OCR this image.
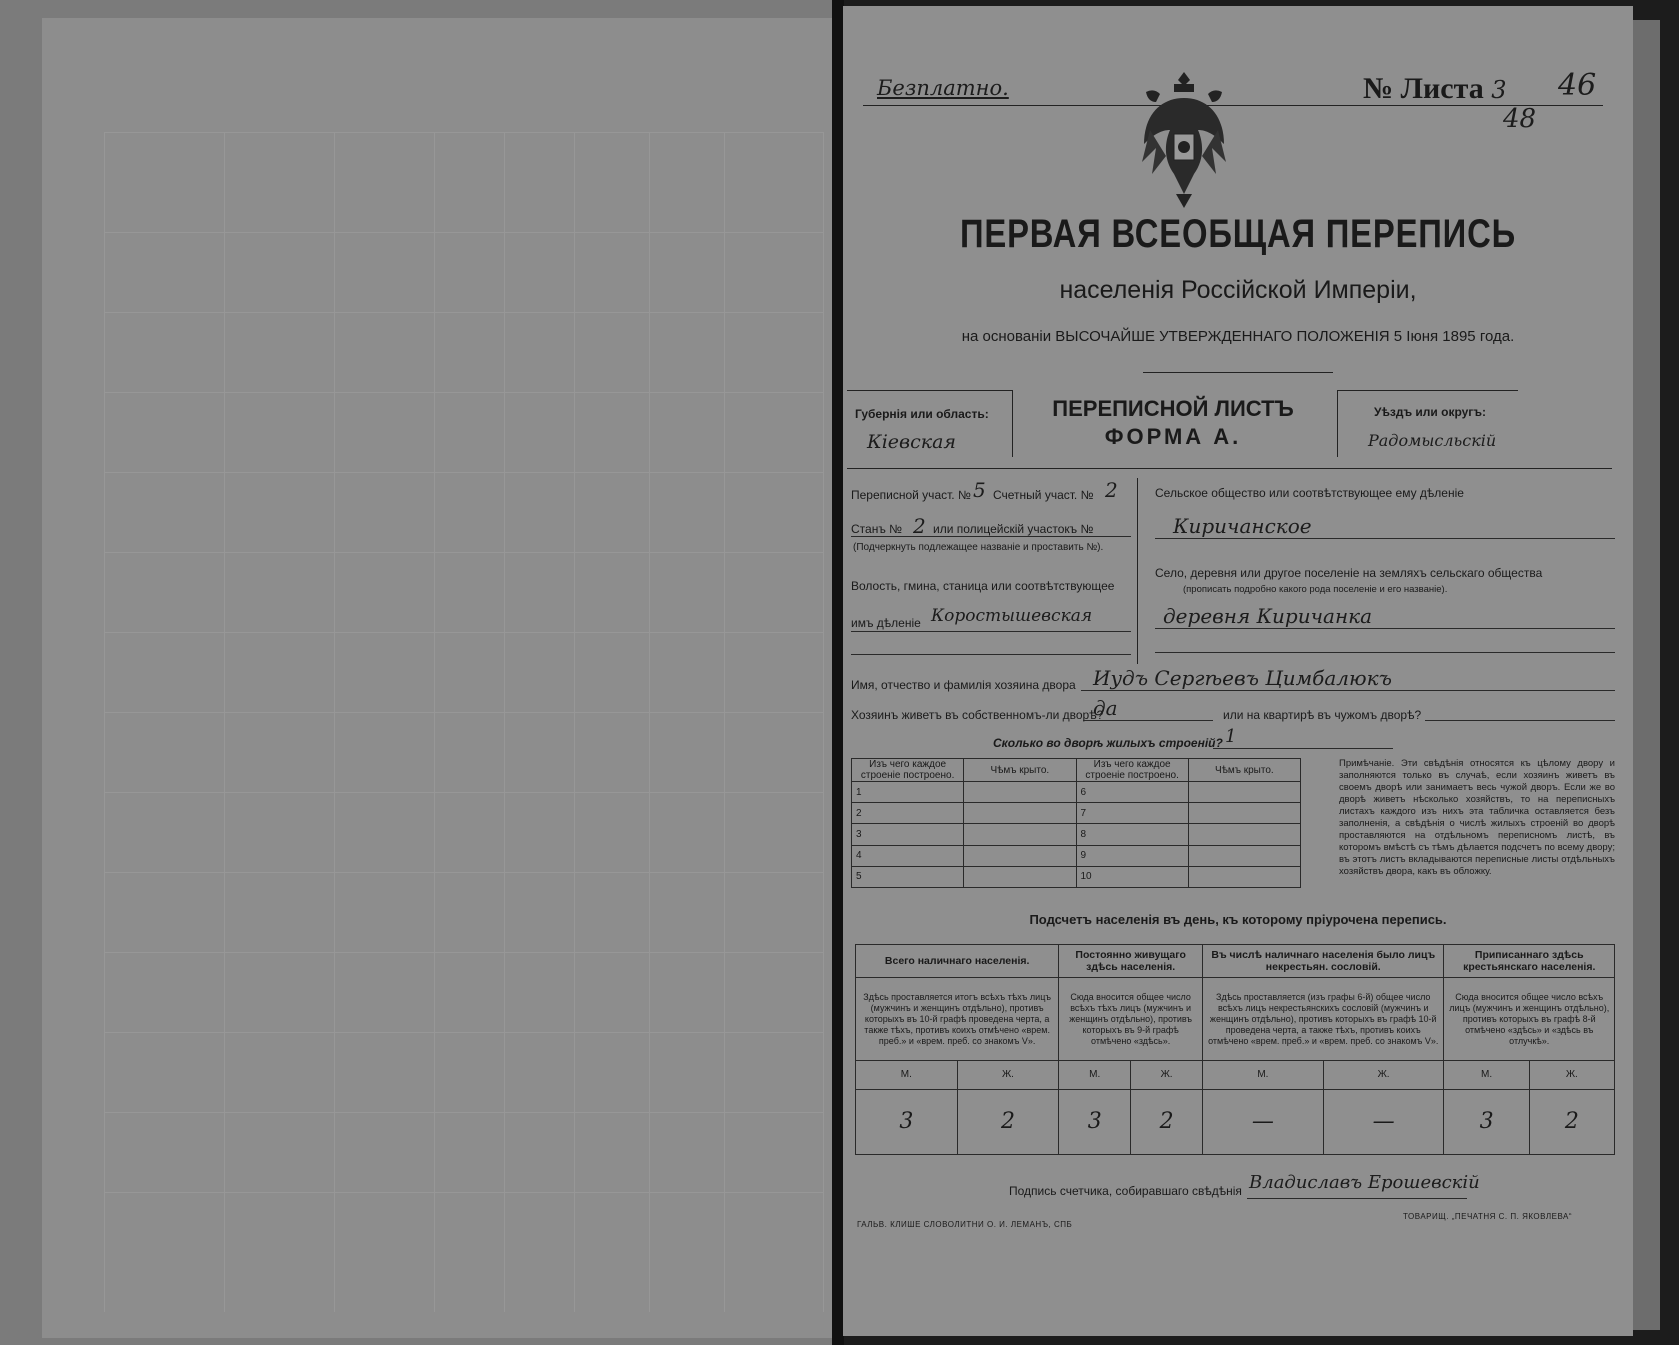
Безплатно.	№ Листа 3 46
48
ПЕРВАЯ ВСЕОБЩАЯ ПЕРЕПИСЬ
населенія Россійской Имперіи,
на основаніи ВЫСОЧАЙШЕ УТВЕРЖДЕННАГО ПОЛОЖЕНІЯ 5 Іюня 1895 года.
Губернія или область:
Кіевская
ПЕРЕПИСНОЙ ЛИСТЪ
ФОРМА А.
Уѣздъ или округъ:
Радомысльскій
Переписной участ. № 5 Счетный участ. № 2
Станъ № 2 или полицейскій участокъ №
(Подчеркнуть подлежащее названіе и проставить №).
Волость, гмина, станица или соотвѣтствующее
имъ дѣленіе Коростышевская
Сельское общество или соотвѣтствующее ему дѣленіе
Киричанское
Село, деревня или другое поселеніе на земляхъ сельскаго общества
(прописать подробно какого рода поселеніе и его названіе).
деревня Киричанка
Имя, отчество и фамилія хозяина двора Иудъ Сергѣевъ Цимбалюкъ
Хозяинъ живетъ въ собственномъ-ли дворѣ?
да	или на квартирѣ въ чужомъ дворѣ?
Сколько во дворѣ жилыхъ строеній? 1
Изъ чего каждое строеніе построено.	Чѣмъ крыто.	Изъ чего каждое строеніе построено.	Чѣмъ крыто.
1		6	
2		7	
3		8	
4		9	
5		10	
Примѣчаніе. Эти свѣдѣнія относятся къ цѣлому двору и заполняются только въ случаѣ, если хозяинъ живетъ въ своемъ дворѣ или занимаетъ весь чужой дворъ. Если же во дворѣ живетъ нѣсколько хозяйствъ, то на переписныхъ листахъ каждого изъ нихъ эта табличка оставляется безъ заполненія, а свѣдѣнія о числѣ жилыхъ строеній во дворѣ проставляются на отдѣльномъ переписномъ листѣ, въ которомъ вмѣстѣ съ тѣмъ дѣлается подсчетъ по всему двору; въ этотъ листъ вкладываются переписные листы отдѣльныхъ хозяйствъ двора, какъ въ обложку.
Подсчетъ населенія въ день, къ которому пріурочена перепись.
Всего наличнаго населенія.		Постоянно живущаго здѣсь населенія.		Въ числѣ наличнаго населенія было лицъ некрестьян. сословій.		Приписаннаго здѣсь крестьянскаго населенія.	
Здѣсь проставляется итогъ всѣхъ тѣхъ лицъ (мужчинъ и женщинъ отдѣльно), противъ которыхъ въ 10-й графѣ проведена черта, а также тѣхъ, противъ коихъ отмѣчено «врем. преб.» и «врем. преб. со знакомъ V».		Сюда вносится общее число всѣхъ тѣхъ лицъ (мужчинъ и женщинъ отдѣльно), противъ которыхъ въ 9-й графѣ отмѣчено «здѣсь».		Здѣсь проставляется (изъ графы 6-й) общее число всѣхъ лицъ некрестьянскихъ сословій (мужчинъ и женщинъ отдѣльно), противъ которыхъ въ графѣ 10-й проведена черта, а также тѣхъ, противъ коихъ отмѣчено «врем. преб.» и «врем. преб. со знакомъ V».		Сюда вносится общее число всѣхъ лицъ (мужчинъ и женщинъ отдѣльно), противъ которыхъ въ графѣ 8-й отмѣчено «здѣсь» и «здѣсь въ отлучкѣ».	
М.	Ж.	М.	Ж.	М.	Ж.	М.	Ж.
3	2	3	2	—	—	3	2
Подпись счетчика, собиравшаго свѣдѣнія Владиславъ Ерошевскій
ГАЛЬВ. КЛИШЕ СЛОВОЛИТНИ О. И. ЛЕМАНЪ, СПБ
ТОВАРИЩ. „ПЕЧАТНЯ С. П. ЯКОВЛЕВА“
